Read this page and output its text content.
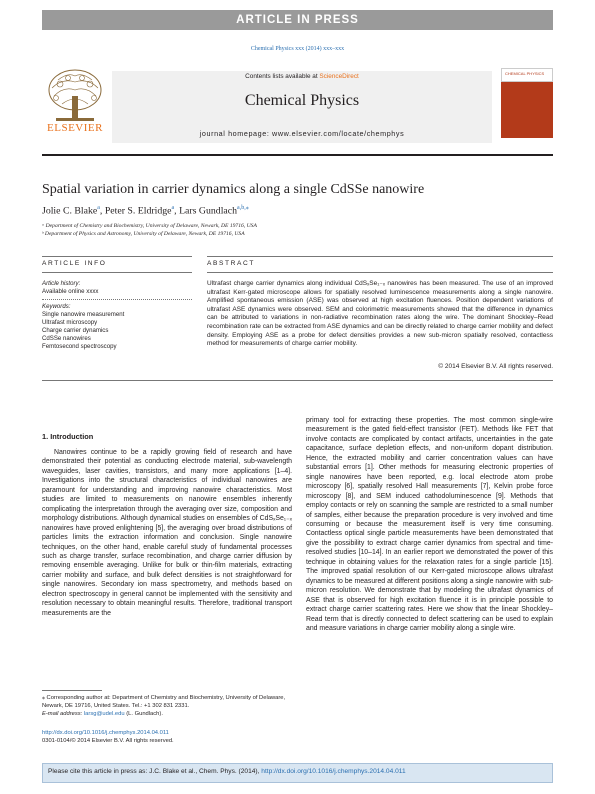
ARTICLE IN PRESS
Chemical Physics xxx (2014) xxx–xxx
ELSEVIER
Contents lists available at ScienceDirect
Chemical Physics
journal homepage: www.elsevier.com/locate/chemphys
CHEMICAL PHYSICS
Spatial variation in carrier dynamics along a single CdSSe nanowire
Jolie C. Blake$^a$, Peter S. Eldridge$^a$, Lars Gundlach$^{a,b,⁎}$
ᵃ Department of Chemistry and Biochemistry, University of Delaware, Newark, DE 19716, USA
ᵇ Department of Physics and Astronomy, University of Delaware, Newark, DE 19716, USA
ARTICLE INFO	ABSTRACT
Article history:
Available online xxxx
Keywords:
Single nanowire measurement
Ultrafast microscopy
Charge carrier dynamics
CdSSe nanowires
Femtosecond spectroscopy
Ultrafast charge carrier dynamics along individual CdSₓSe₁₋ₓ nanowires has been measured. The use of an improved ultrafast Kerr-gated microscope allows for spatially resolved luminescence measurements along a single nanowire. Amplified spontaneous emission (ASE) was observed at high excitation fluences. Position dependent variations of ultrafast ASE dynamics were observed. SEM and colorimetric measurements showed that the difference in dynamics can be attributed to variations in non-radiative recombination rates along the wire. The dominant Shockley–Read recombination rate can be extracted from ASE dynamics and can be directly related to charge carrier mobility and defect density. Employing ASE as a probe for defect densities provides a new sub-micron spatially resolved, contactless method for measurements of charge carrier mobility.
© 2014 Elsevier B.V. All rights reserved.
1. Introduction
Nanowires continue to be a rapidly growing field of research and have demonstrated their potential as conducting electrode material, sub-wavelength waveguides, laser cavities, transistors, and many more applications [1–4]. Investigations into the structural characteristics of individual nanowires are paramount for understanding and improving nanowire characteristics. Most studies are limited to measurements on nanowire ensembles inherently complicating the interpretation through the averaging over size, composition and morphology distributions. Although dynamical studies on ensembles of CdSₓSe₁₋ₓ nanowires have proved enlightening [5], the averaging over broad distributions of particles limits the extraction information and conclusion. Single nanowire techniques, on the other hand, enable careful study of fundamental processes such as charge transfer, surface recombination, and charge carrier diffusion by removing ensemble averaging. Unlike for bulk or thin-film materials, extracting carrier mobility and surface, and bulk defect densities is not straightforward for single nanowires. Secondary ion mass spectrometry, and methods based on electron spectroscopy in general cannot be implemented with the sensitivity and resolution necessary to obtain meaningful results. Therefore, traditional transport measurements are the
primary tool for extracting these properties. The most common single-wire measurement is the gated field-effect transistor (FET). Methods like FET that involve contacts are complicated by contact artifacts, uncertainties in the gate capacitance, surface depletion effects, and non-uniform dopant distribution. Hence, the extracted mobility and carrier concentration values can have substantial errors [1]. Other methods for measuring electronic properties of single nanowires have been reported, e.g. local electrode atom probe microscopy [6], spatially resolved Hall measurements [7], Kelvin probe force microscopy [8], and SEM induced cathodoluminescence [9]. Methods that employ contacts or rely on scanning the sample are restricted to a small number of samples, either because the preparation procedure is very involved and time consuming or because the measurement itself is very time consuming. Contactless optical single particle measurements have been demonstrated that give the possibility to extract charge carrier dynamics from spectral and time-resolved studies [10–14]. In an earlier report we demonstrated the power of this technique in obtaining values for the relaxation rates for a single particle [15]. The improved spatial resolution of our Kerr-gated microscope allows ultrafast dynamics to be measured at different positions along a single nanowire with sub-micron resolution. We demonstrate that by modeling the ultrafast dynamics of ASE that is observed for high excitation fluence it is in principle possible to extract charge carrier scattering rates. Here we show that the linear Shockley–Read term that is directly connected to defect scattering can be used to explain and measure variations in charge carrier mobility along a single wire.
⁎ Corresponding author at: Department of Chemistry and Biochemistry, University of Delaware, Newark, DE 19716, United States. Tel.: +1 302 831 2331.
E-mail address: larsg@udel.edu (L. Gundlach).
http://dx.doi.org/10.1016/j.chemphys.2014.04.011
0301-0104/© 2014 Elsevier B.V. All rights reserved.
Please cite this article in press as: J.C. Blake et al., Chem. Phys. (2014), http://dx.doi.org/10.1016/j.chemphys.2014.04.011
